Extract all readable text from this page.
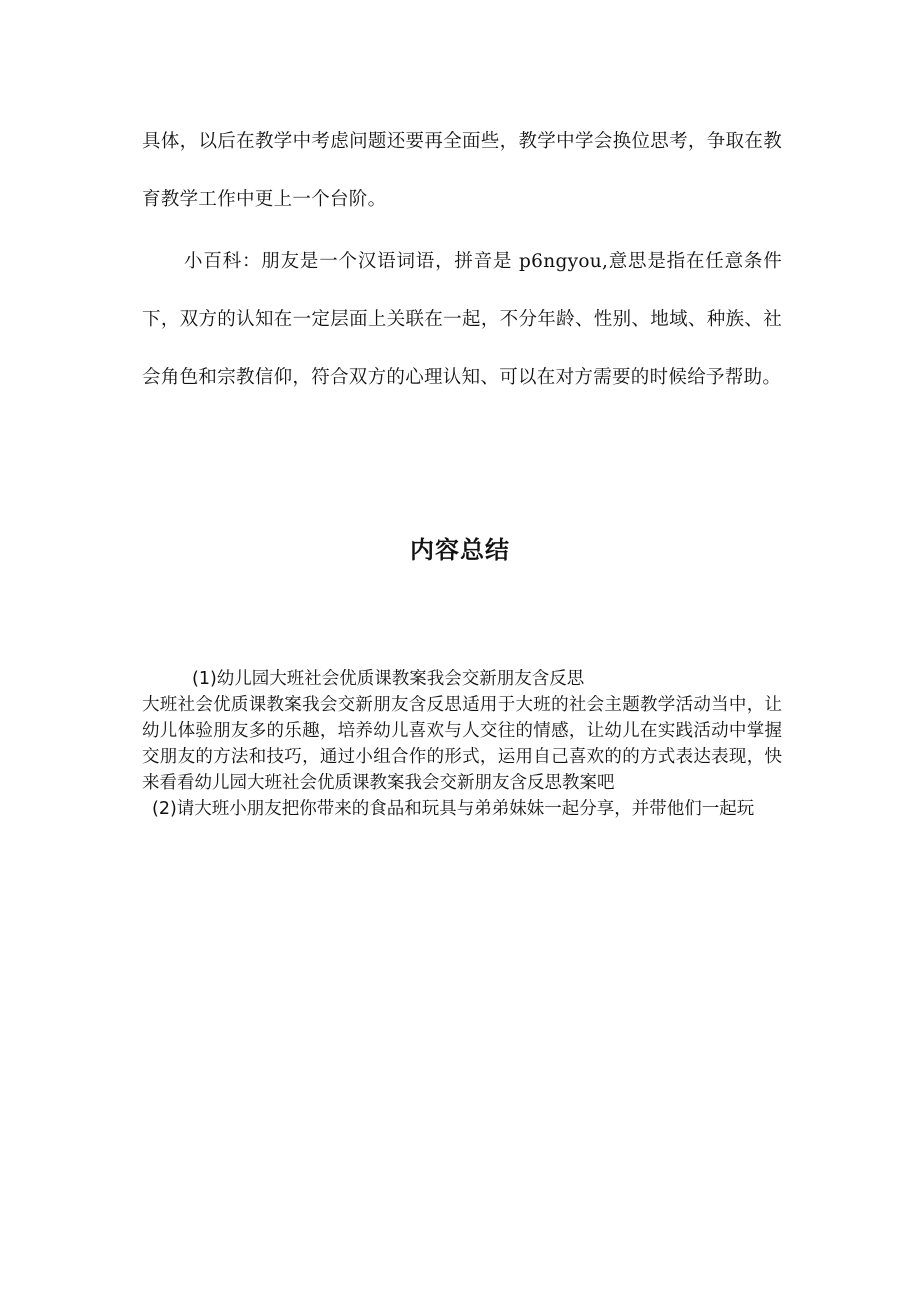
具体，以后在教学中考虑问题还要再全面些，教学中学会换位思考，争取在教育教学工作中更上一个台阶。

小百科：朋友是一个汉语词语，拼音是 p6ngyou,意思是指在任意条件下，双方的认知在一定层面上关联在一起，不分年龄、性别、地域、种族、社会角色和宗教信仰，符合双方的心理认知、可以在对方需要的时候给予帮助。

内容总结

(1)幼儿园大班社会优质课教案我会交新朋友含反思

大班社会优质课教案我会交新朋友含反思适用于大班的社会主题教学活动当中，让幼儿体验朋友多的乐趣，培养幼儿喜欢与人交往的情感，让幼儿在实践活动中掌握交朋友的方法和技巧，通过小组合作的形式，运用自己喜欢的的方式表达表现，快来看看幼儿园大班社会优质课教案我会交新朋友含反思教案吧

(2)请大班小朋友把你带来的食品和玩具与弟弟妹妹一起分享，并带他们一起玩
